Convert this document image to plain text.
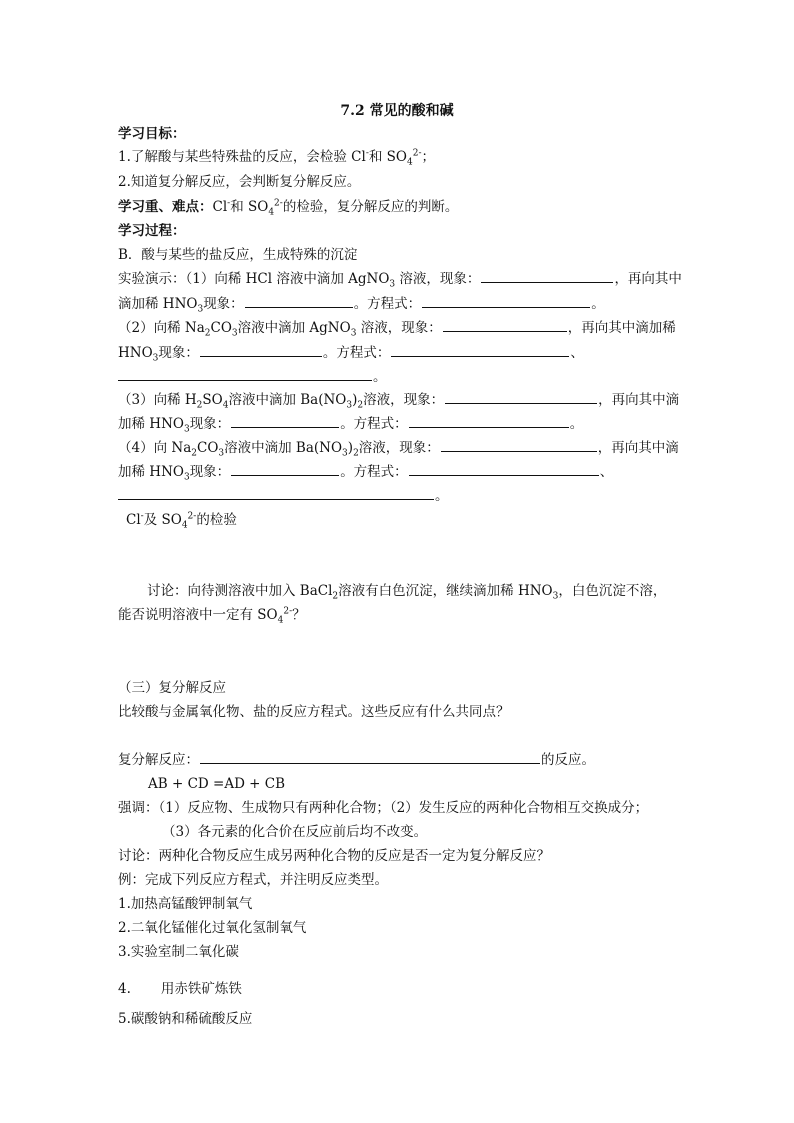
7.2 常见的酸和碱
学习目标：
1.了解酸与某些特殊盐的反应，会检验 Cl-和 $SO_4^{2-}$；
2.知道复分解反应，会判断复分解反应。
学习重、难点：Cl-和 $SO_4^{2-}$的检验，复分解反应的判断。
学习过程：
B．酸与某些的盐反应，生成特殊的沉淀
实验演示：（1）向稀 HCl 溶液中滴加 AgNO$_3$ 溶液，现象：	，再向其中
滴加稀 $HNO_3$现象：	。方程式：	。
（2）向稀 $Na_2CO_3$溶液中滴加 AgNO$_3$ 溶液，现象：	，再向其中滴加稀
$HNO_3$现象：	。方程式：	、
。
（3）向稀 $H_2SO_4$溶液中滴加 $Ba(NO_3)_2$溶液，现象：	，再向其中滴
加稀 $HNO_3$现象：	。方程式：	。
（4）向 $Na_2CO_3$溶液中滴加 $Ba(NO_3)_2$溶液，现象：	，再向其中滴
加稀 $HNO_3$现象：	。方程式：	、
。
Cl-及 $SO_4^{2-}$的检验
讨论：向待测溶液中加入 BaCl$_2$溶液有白色沉淀，继续滴加稀 $HNO_3$，白色沉淀不溶，
能否说明溶液中一定有 $SO_4^{2-}$？
（三）复分解反应
比较酸与金属氧化物、盐的反应方程式。这些反应有什么共同点？
复分解反应：	的反应。
AB + CD =AD + CB
强调：（1）反应物、生成物只有两种化合物；（2）发生反应的两种化合物相互交换成分；
（3）各元素的化合价在反应前后均不改变。
讨论：两种化合物反应生成另两种化合物的反应是否一定为复分解反应？
例：完成下列反应方程式，并注明反应类型。
1.加热高锰酸钾制氧气
2.二氧化锰催化过氧化氢制氧气
3.实验室制二氧化碳
4. 用赤铁矿炼铁
5.碳酸钠和稀硫酸反应
